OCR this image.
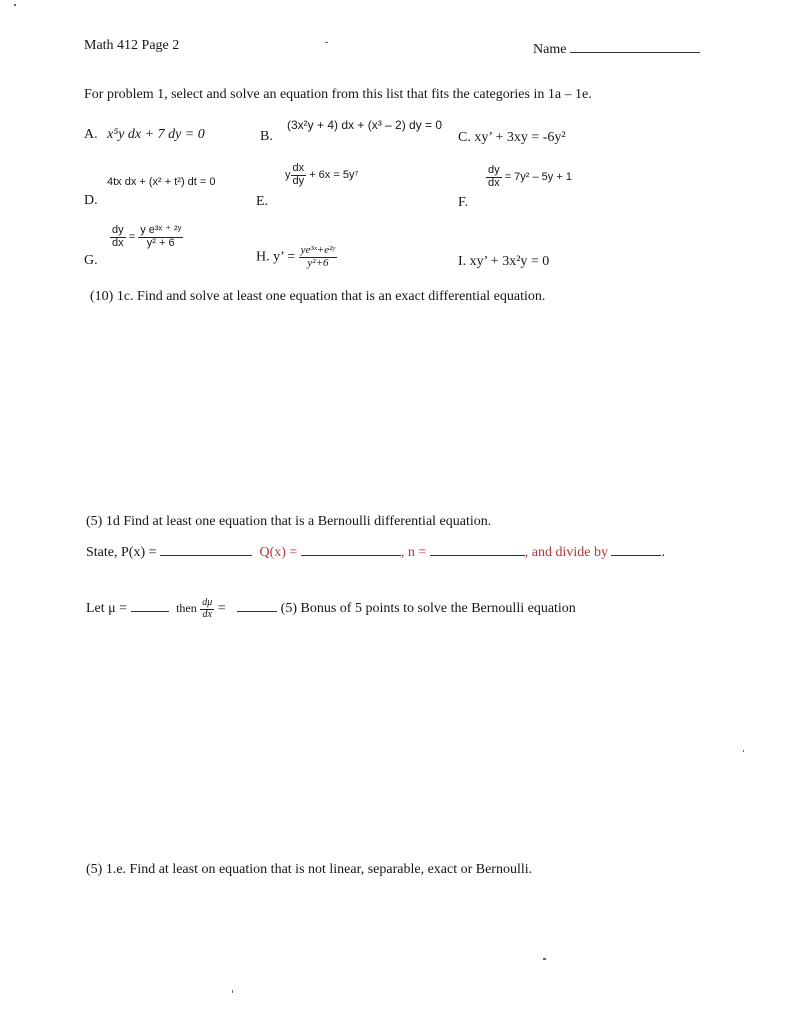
Math 412 Page 2	Name
For problem 1, select and solve an equation from this list that fits the categories in 1a – 1e.
A. x⁵y dx + 7 dy = 0	B.
(3x²y + 4) dx + (x³ – 2) dy = 0
C. xy’ + 3xy = -6y²
4tx dx + (x² + t²) dt = 0
D.
y $\frac{dx}{dy} + 6x = 5y^7$
E.
$\frac{dy}{dx} = 7y^2 - 5y + 1$
F.
$\frac{dy}{dx} = \frac{\text{y e³ˣ ⁺ ²ʸ}}{\text{y² + 6}}$
G.	H. y’ = $\frac{\text{ye³ˣ+e²ʸ}}{\text{y²+6}}$	I. xy’ + 3x²y = 0
(10) 1c. Find and solve at least one equation that is an exact differential equation.
(5) 1d Find at least one equation that is a Bernoulli differential equation.
State, P(x) =	Q(x) =	, n =	, and divide by	.
Let μ =	then $\frac{d\mu}{dx}$ =	(5) Bonus of 5 points to solve the Bernoulli equation
(5) 1.e. Find at least on equation that is not linear, separable, exact or Bernoulli.
